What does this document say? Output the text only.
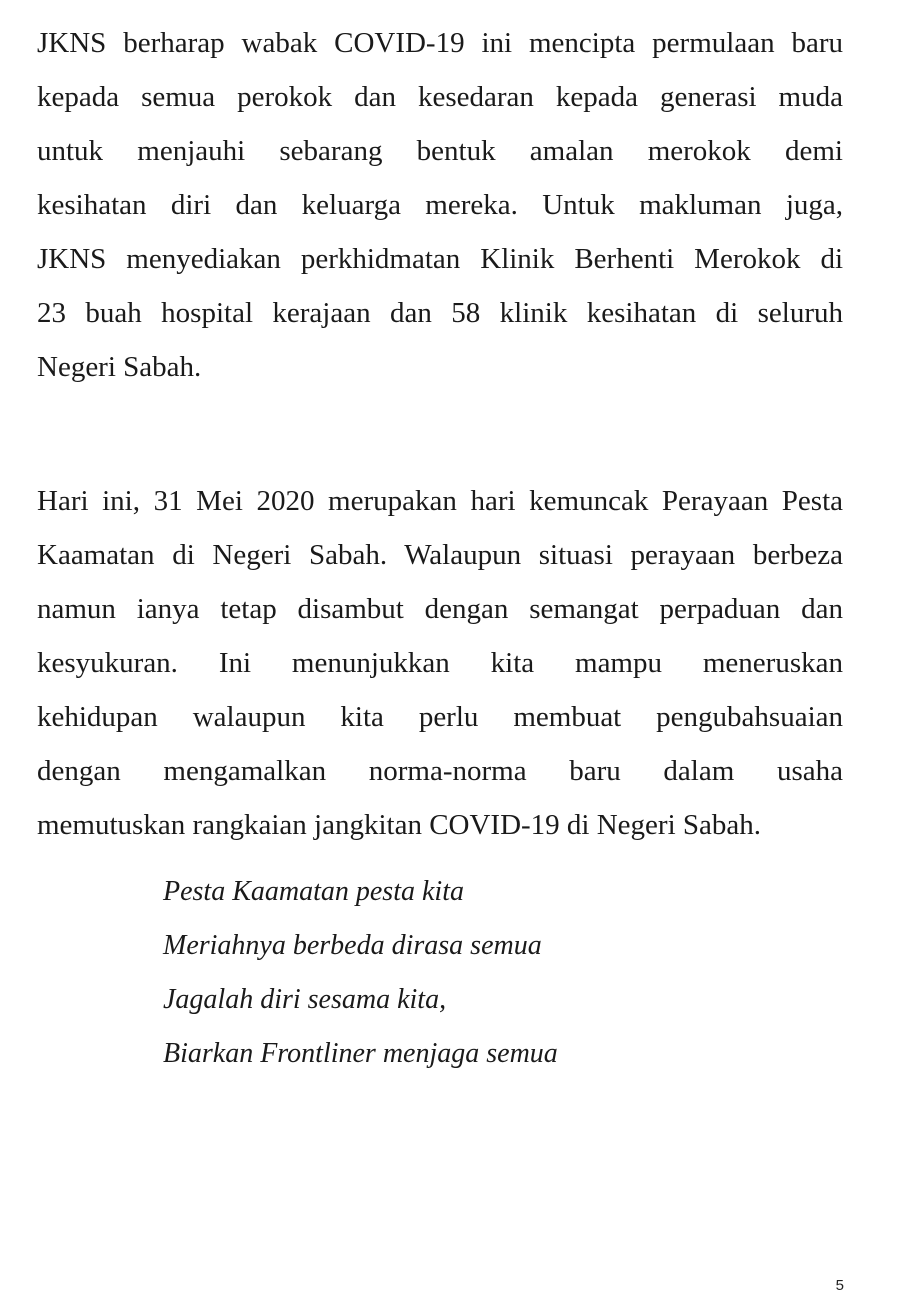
JKNS berharap wabak COVID-19 ini mencipta permulaan baru
kepada semua perokok dan kesedaran kepada generasi muda
untuk menjauhi sebarang bentuk amalan merokok demi
kesihatan diri dan keluarga mereka. Untuk makluman juga,
JKNS menyediakan perkhidmatan Klinik Berhenti Merokok di
23 buah hospital kerajaan dan 58 klinik kesihatan di seluruh
Negeri Sabah.
Hari ini, 31 Mei 2020 merupakan hari kemuncak Perayaan Pesta
Kaamatan di Negeri Sabah. Walaupun situasi perayaan berbeza
namun ianya tetap disambut dengan semangat perpaduan dan
kesyukuran. Ini menunjukkan kita mampu meneruskan
kehidupan walaupun kita perlu membuat pengubahsuaian
dengan mengamalkan norma-norma baru dalam usaha
memutuskan rangkaian jangkitan COVID-19 di Negeri Sabah.
Pesta Kaamatan pesta kita
Meriahnya berbeda dirasa semua
Jagalah diri sesama kita,
Biarkan Frontliner menjaga semua
5
